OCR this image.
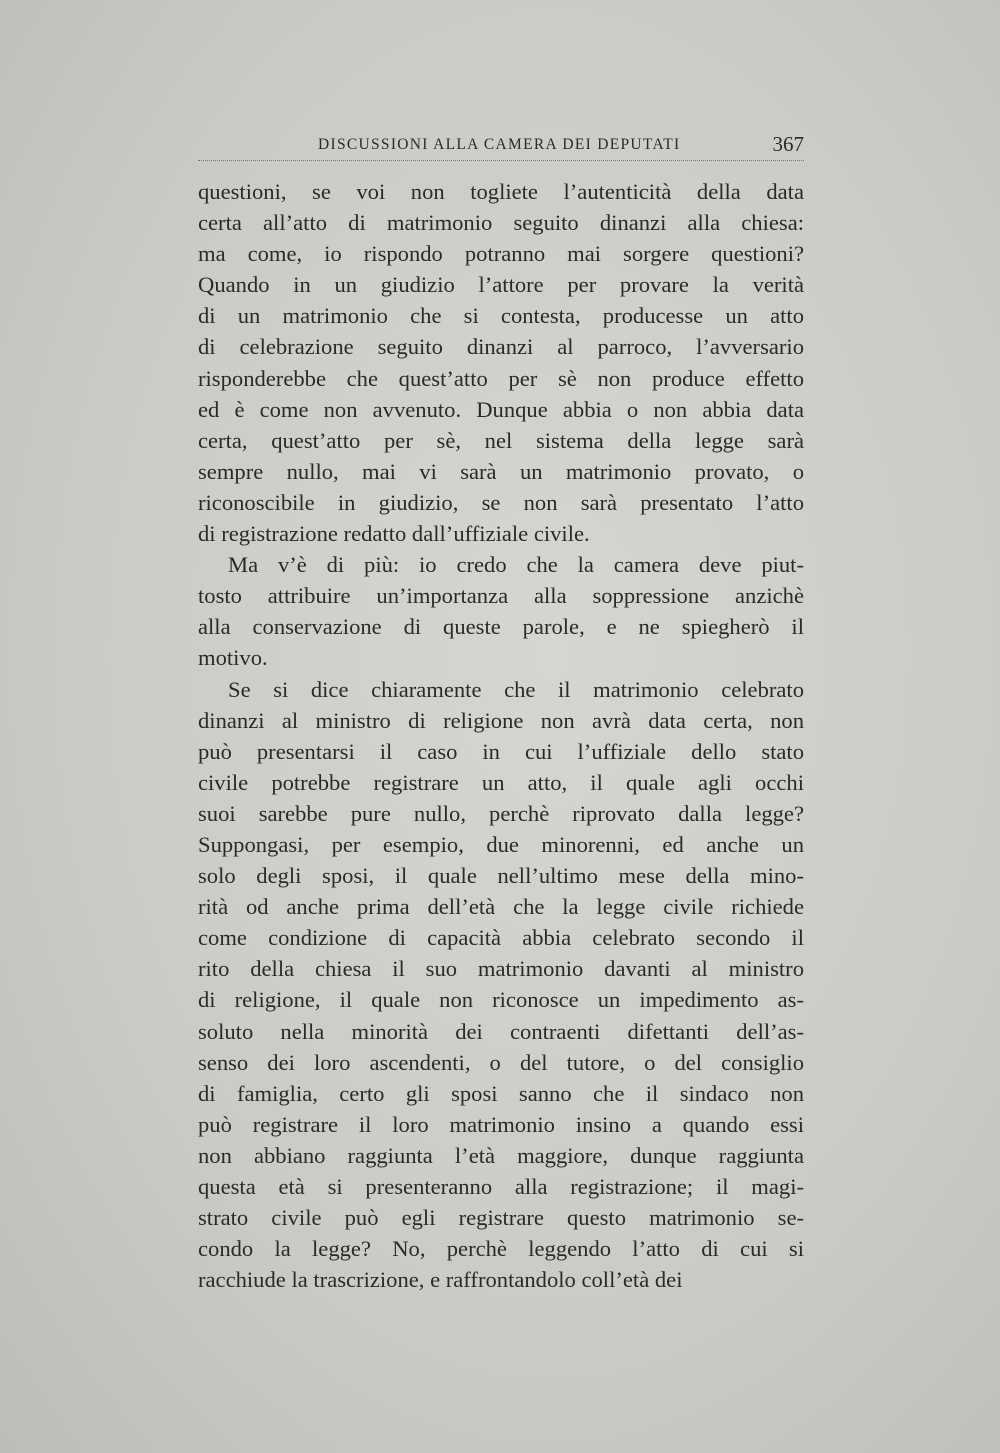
DISCUSSIONI ALLA CAMERA DEI DEPUTATI	367
questioni, se voi non togliete l’autenticità della data
certa all’atto di matrimonio seguito dinanzi alla chiesa:
ma come, io rispondo potranno mai sorgere questioni?
Quando in un giudizio l’attore per provare la verità
di un matrimonio che si contesta, producesse un atto
di celebrazione seguito dinanzi al parroco, l’avversario
risponderebbe che quest’atto per sè non produce effetto
ed è come non avvenuto. Dunque abbia o non abbia data
certa, quest’atto per sè, nel sistema della legge sarà
sempre nullo, mai vi sarà un matrimonio provato, o
riconoscibile in giudizio, se non sarà presentato l’atto
di registrazione redatto dall’uffiziale civile.
Ma v’è di più: io credo che la camera deve piut-
tosto attribuire un’importanza alla soppressione anzichè
alla conservazione di queste parole, e ne spiegherò il
motivo.
Se si dice chiaramente che il matrimonio celebrato
dinanzi al ministro di religione non avrà data certa, non
può presentarsi il caso in cui l’uffiziale dello stato
civile potrebbe registrare un atto, il quale agli occhi
suoi sarebbe pure nullo, perchè riprovato dalla legge?
Suppongasi, per esempio, due minorenni, ed anche un
solo degli sposi, il quale nell’ultimo mese della mino-
rità od anche prima dell’età che la legge civile richiede
come condizione di capacità abbia celebrato secondo il
rito della chiesa il suo matrimonio davanti al ministro
di religione, il quale non riconosce un impedimento as-
soluto nella minorità dei contraenti difettanti dell’as-
senso dei loro ascendenti, o del tutore, o del consiglio
di famiglia, certo gli sposi sanno che il sindaco non
può registrare il loro matrimonio insino a quando essi
non abbiano raggiunta l’età maggiore, dunque raggiunta
questa età si presenteranno alla registrazione; il magi-
strato civile può egli registrare questo matrimonio se-
condo la legge? No, perchè leggendo l’atto di cui si
racchiude la trascrizione, e raffrontandolo coll’età dei
